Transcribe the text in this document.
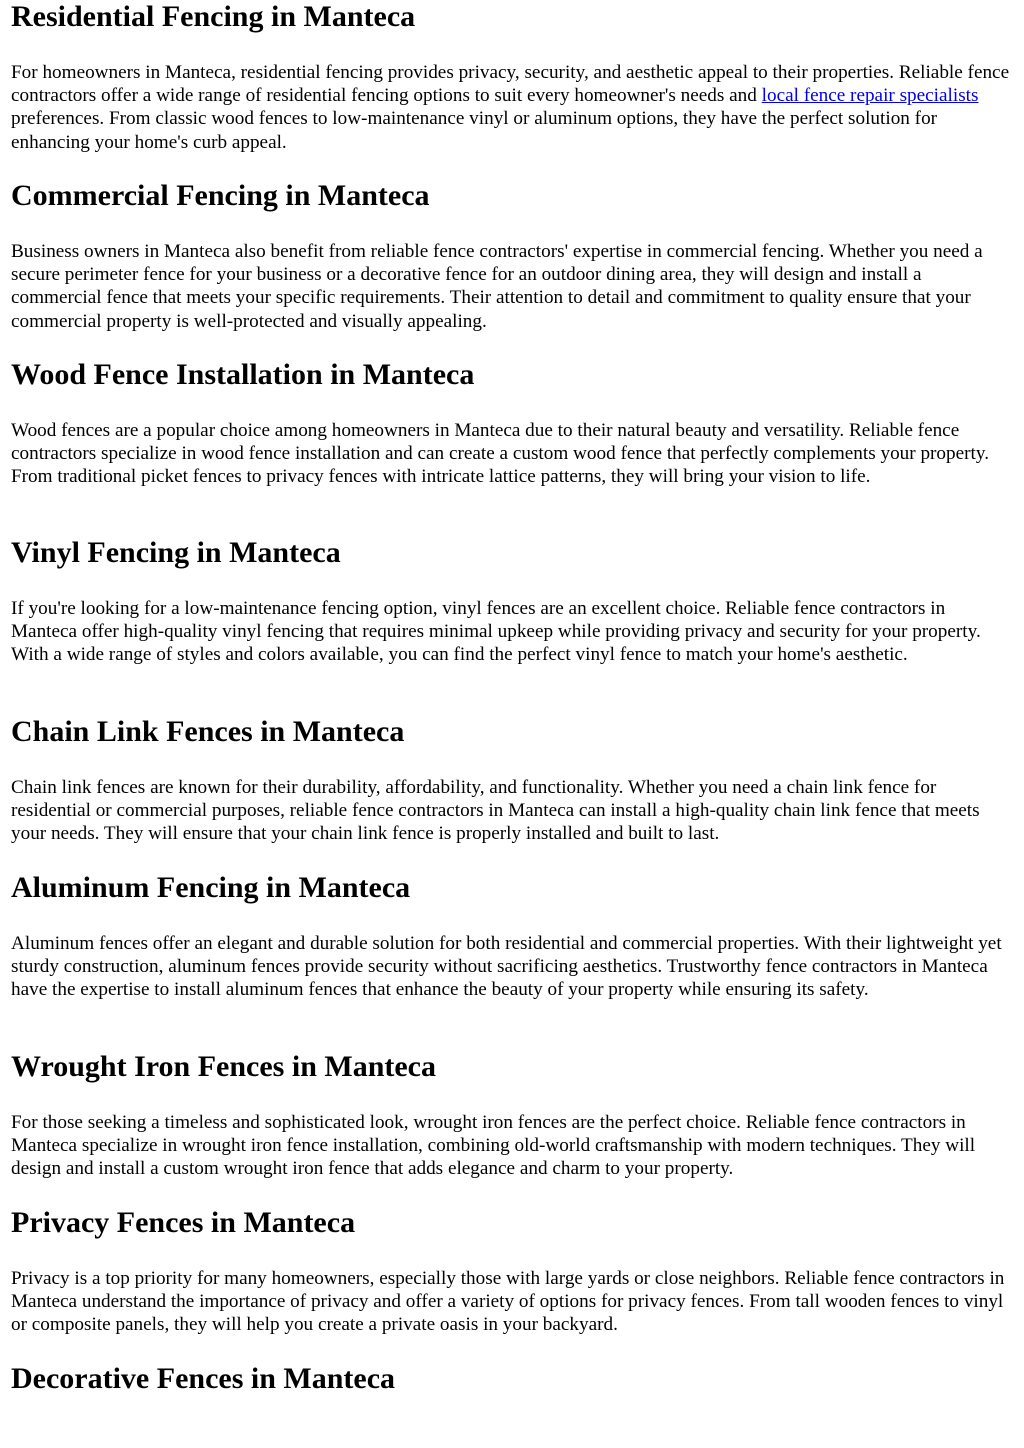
Residential Fencing in Manteca

For homeowners in Manteca, residential fencing provides privacy, security, and aesthetic appeal to their properties. Reliable fence contractors offer a wide range of residential fencing options to suit every homeowner's needs and local fence repair specialists preferences. From classic wood fences to low-maintenance vinyl or aluminum options, they have the perfect solution for enhancing your home's curb appeal.

Commercial Fencing in Manteca

Business owners in Manteca also benefit from reliable fence contractors' expertise in commercial fencing. Whether you need a secure perimeter fence for your business or a decorative fence for an outdoor dining area, they will design and install a commercial fence that meets your specific requirements. Their attention to detail and commitment to quality ensure that your commercial property is well-protected and visually appealing.

Wood Fence Installation in Manteca

Wood fences are a popular choice among homeowners in Manteca due to their natural beauty and versatility. Reliable fence contractors specialize in wood fence installation and can create a custom wood fence that perfectly complements your property. From traditional picket fences to privacy fences with intricate lattice patterns, they will bring your vision to life.

Vinyl Fencing in Manteca

If you're looking for a low-maintenance fencing option, vinyl fences are an excellent choice. Reliable fence contractors in Manteca offer high-quality vinyl fencing that requires minimal upkeep while providing privacy and security for your property. With a wide range of styles and colors available, you can find the perfect vinyl fence to match your home's aesthetic.

Chain Link Fences in Manteca

Chain link fences are known for their durability, affordability, and functionality. Whether you need a chain link fence for residential or commercial purposes, reliable fence contractors in Manteca can install a high-quality chain link fence that meets your needs. They will ensure that your chain link fence is properly installed and built to last.

Aluminum Fencing in Manteca

Aluminum fences offer an elegant and durable solution for both residential and commercial properties. With their lightweight yet sturdy construction, aluminum fences provide security without sacrificing aesthetics. Trustworthy fence contractors in Manteca have the expertise to install aluminum fences that enhance the beauty of your property while ensuring its safety.

Wrought Iron Fences in Manteca

For those seeking a timeless and sophisticated look, wrought iron fences are the perfect choice. Reliable fence contractors in Manteca specialize in wrought iron fence installation, combining old-world craftsmanship with modern techniques. They will design and install a custom wrought iron fence that adds elegance and charm to your property.

Privacy Fences in Manteca

Privacy is a top priority for many homeowners, especially those with large yards or close neighbors. Reliable fence contractors in Manteca understand the importance of privacy and offer a variety of options for privacy fences. From tall wooden fences to vinyl or composite panels, they will help you create a private oasis in your backyard.

Decorative Fences in Manteca
